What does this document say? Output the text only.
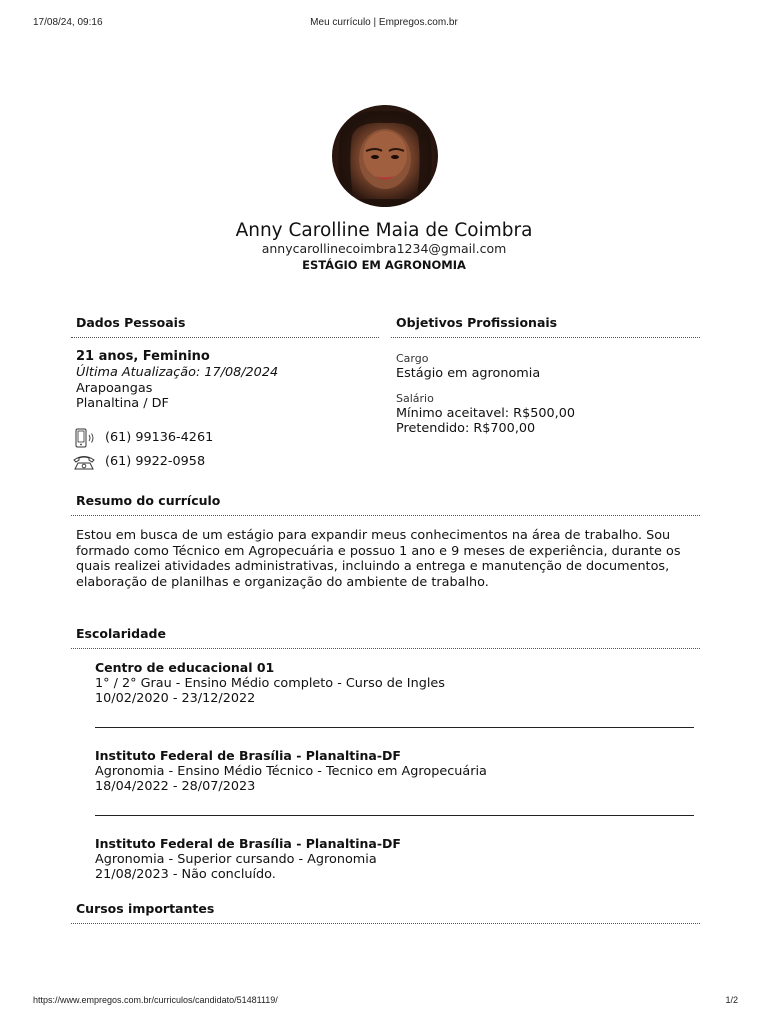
17/08/24, 09:16	Meu currículo | Empregos.com.br
Anny Carolline Maia de Coimbra
annycarollinecoimbra1234@gmail.com
ESTÁGIO EM AGRONOMIA
Dados Pessoais
21 anos, Feminino
Última Atualização: 17/08/2024
Arapoangas
Planaltina / DF
(61) 99136-4261
(61) 9922-0958
Objetivos Profissionais
Cargo
Estágio em agronomia
Salário
Mínimo aceitavel: R$500,00
Pretendido: R$700,00
Resumo do currículo
Estou em busca de um estágio para expandir meus conhecimentos na área de trabalho. Sou
formado como Técnico em Agropecuária e possuo 1 ano e 9 meses de experiência, durante os
quais realizei atividades administrativas, incluindo a entrega e manutenção de documentos,
elaboração de planilhas e organização do ambiente de trabalho.
Escolaridade
Centro de educacional 01
1° / 2° Grau - Ensino Médio completo - Curso de Ingles
10/02/2020 - 23/12/2022
Instituto Federal de Brasília - Planaltina-DF
Agronomia - Ensino Médio Técnico - Tecnico em Agropecuária
18/04/2022 - 28/07/2023
Instituto Federal de Brasília - Planaltina-DF
Agronomia - Superior cursando - Agronomia
21/08/2023 - Não concluído.
Cursos importantes
https://www.empregos.com.br/curriculos/candidato/51481119/	1/2
